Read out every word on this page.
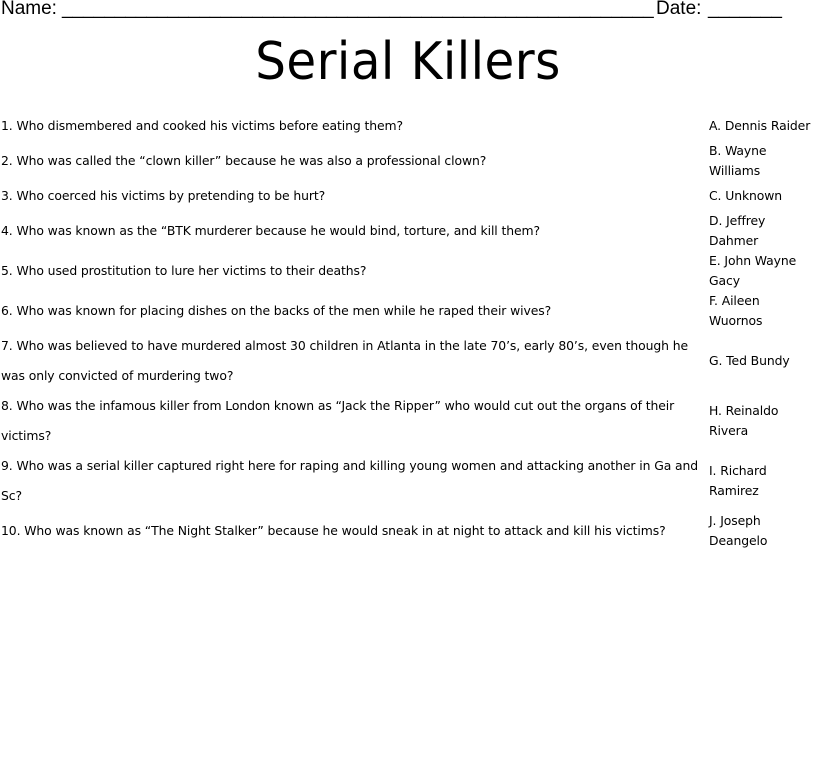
Name: ________________________________________________________ Date: _______
Serial Killers
1. Who dismembered and cooked his victims before eating them?
2. Who was called the “clown killer” because he was also a professional clown?
3. Who coerced his victims by pretending to be hurt?
4. Who was known as the “BTK murderer because he would bind, torture, and kill them?
5. Who used prostitution to lure her victims to their deaths?
6. Who was known for placing dishes on the backs of the men while he raped their wives?
7. Who was believed to have murdered almost 30 children in Atlanta in the late 70’s, early 80’s, even though he was only convicted of murdering two?
8. Who was the infamous killer from London known as “Jack the Ripper” who would cut out the organs of their victims?
9. Who was a serial killer captured right here for raping and killing young women and attacking another in Ga and Sc?
10. Who was known as “The Night Stalker” because he would sneak in at night to attack and kill his victims?
A. Dennis Raider
B. Wayne Williams
C. Unknown
D. Jeffrey Dahmer
E. John Wayne Gacy
F. Aileen Wuornos
G. Ted Bundy
H. Reinaldo Rivera
I. Richard Ramirez
J. Joseph Deangelo
